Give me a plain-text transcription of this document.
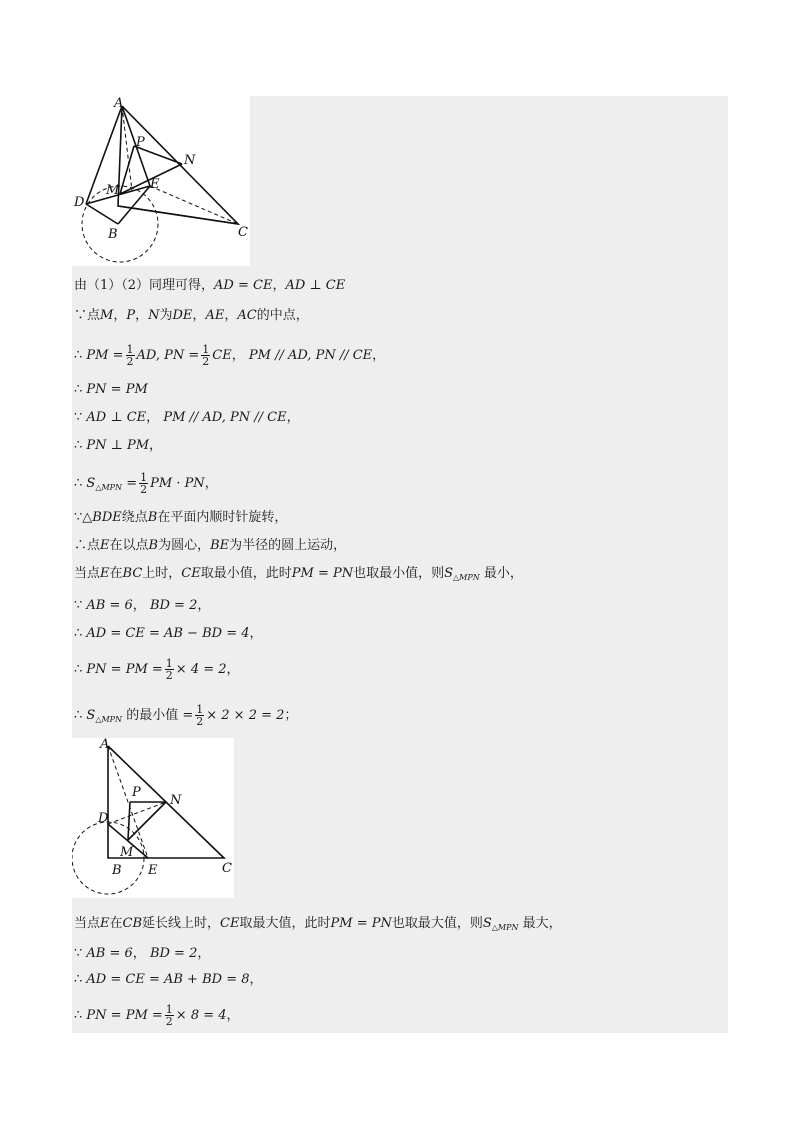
A
P
N
D
M E
B	C
由（1）（2）同理可得，AD = CE，AD ⊥ CE
∵点M，P，N为DE，AE，AC的中点，
∴ PM = $\frac{1}{2}$ AD, PN = $\frac{1}{2}$ CE， PM // AD, PN // CE，
∴ PN = PM
∵ AD ⊥ CE， PM // AD, PN // CE，
∴ PN ⊥ PM，
∴ $S_{\triangle MPN} = \frac{1}{2}$ PM · PN，
∵△BDE绕点B在平面内顺时针旋转，
∴点E在以点B为圆心，BE为半径的圆上运动，
当点E在BC上时，CE取最小值，此时PM = PN也取最小值，则$S_{\triangle MPN}$ 最小，
∵ AB = 6， BD = 2，
∴ AD = CE = AB − BD = 4，
∴ PN = PM = $\frac{1}{2} \times 4 = 2$，
∴ $S_{\triangle MPN}$ 的最小值 = $\frac{1}{2} \times 2 \times 2 = 2$；
A
P
N
D
M
B E	C
当点E在CB延长线上时，CE取最大值，此时PM = PN也取最大值，则$S_{\triangle MPN}$ 最大，
∵ AB = 6， BD = 2，
∴ AD = CE = AB + BD = 8，
∴ PN = PM = $\frac{1}{2} \times 8 = 4$，
